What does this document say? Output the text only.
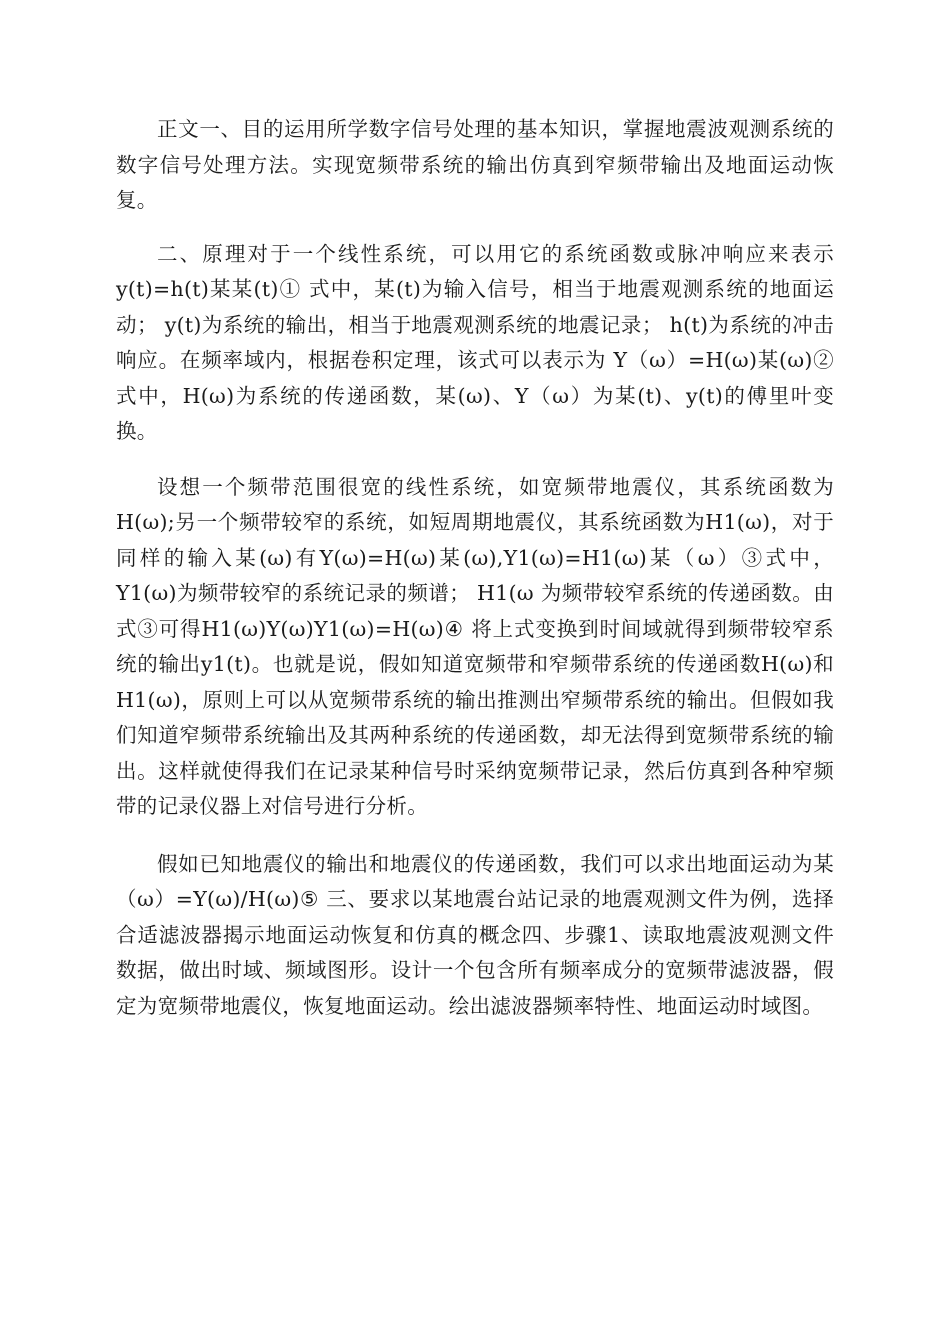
正文一、目的运用所学数字信号处理的基本知识，掌握地震波观测系统的数字信号处理方法。实现宽频带系统的输出仿真到窄频带输出及地面运动恢复。

二、原理对于一个线性系统，可以用它的系统函数或脉冲响应来表示 y(t)=h(t)某某(t)① 式中，某(t)为输入信号，相当于地震观测系统的地面运动； y(t)为系统的输出，相当于地震观测系统的地震记录； h(t)为系统的冲击响应。在频率域内，根据卷积定理，该式可以表示为 Y（ω）=H(ω)某(ω)② 式中，H(ω)为系统的传递函数，某(ω)、Y（ω）为某(t)、y(t)的傅里叶变换。

设想一个频带范围很宽的线性系统，如宽频带地震仪，其系统函数为H(ω);另一个频带较窄的系统，如短周期地震仪，其系统函数为H1(ω)，对于同样的输入某(ω)有Y(ω)=H(ω)某(ω),Y1(ω)=H1(ω)某（ω）③式中，Y1(ω)为频带较窄的系统记录的频谱； H1(ω 为频带较窄系统的传递函数。由式③可得H1(ω)Y(ω)Y1(ω)=H(ω)④ 将上式变换到时间域就得到频带较窄系统的输出y1(t)。也就是说，假如知道宽频带和窄频带系统的传递函数H(ω)和H1(ω)，原则上可以从宽频带系统的输出推测出窄频带系统的输出。但假如我们知道窄频带系统输出及其两种系统的传递函数，却无法得到宽频带系统的输出。这样就使得我们在记录某种信号时采纳宽频带记录，然后仿真到各种窄频带的记录仪器上对信号进行分析。

假如已知地震仪的输出和地震仪的传递函数，我们可以求出地面运动为某（ω）=Y(ω)/H(ω)⑤ 三、要求以某地震台站记录的地震观测文件为例，选择合适滤波器揭示地面运动恢复和仿真的概念四、步骤1、读取地震波观测文件数据，做出时域、频域图形。设计一个包含所有频率成分的宽频带滤波器，假定为宽频带地震仪，恢复地面运动。绘出滤波器频率特性、地面运动时域图。
